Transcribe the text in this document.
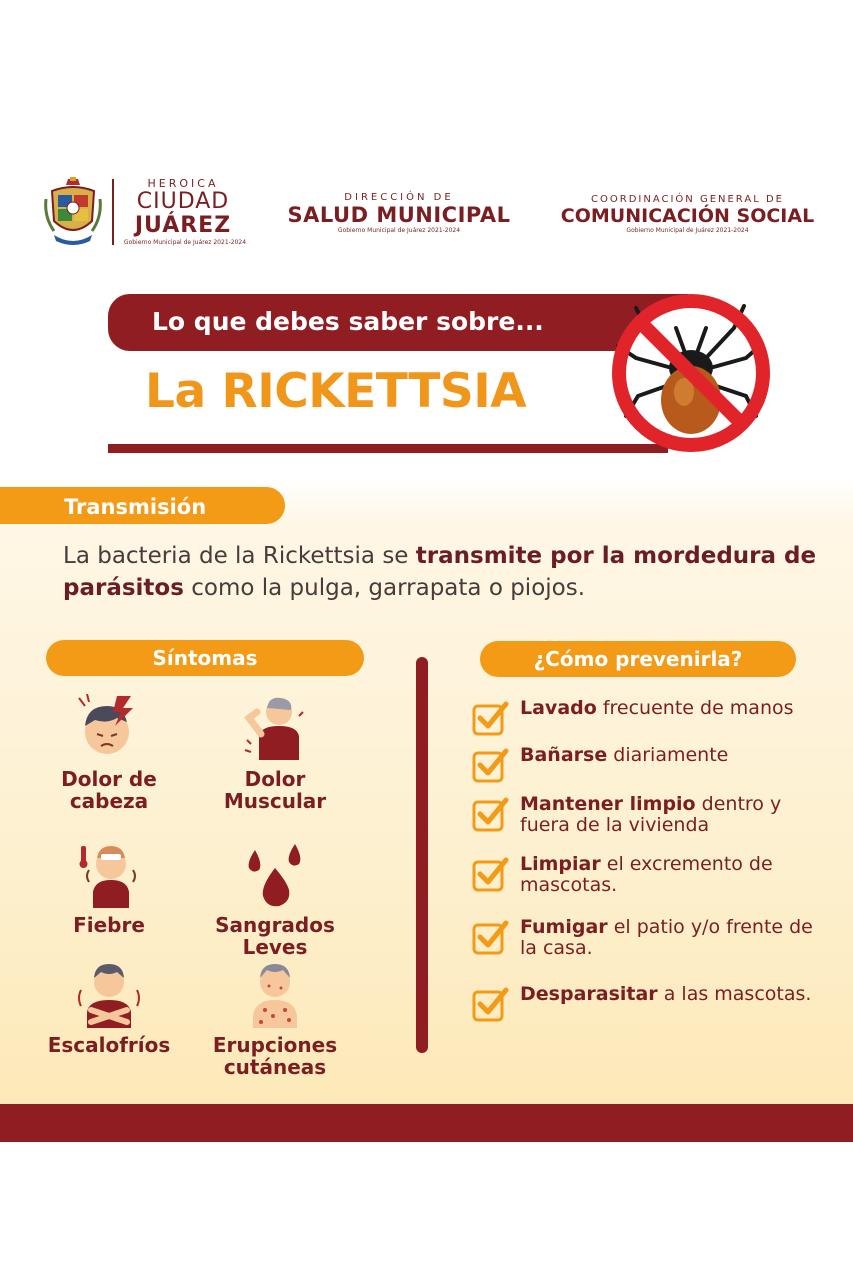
HEROICA
CIUDAD
JUÁREZ
Gobierno Municipal de Juárez 2021-2024
DIRECCIÓN DE
SALUD MUNICIPAL
Gobierno Municipal de Juárez 2021-2024
COORDINACIÓN GENERAL DE
COMUNICACIÓN SOCIAL
Gobierno Municipal de Juárez 2021-2024
Lo que debes saber sobre...
La RICKETTSIA
Transmisión
La bacteria de la Rickettsia se transmite por la mordedura de parásitos como la pulga, garrapata o piojos.
Síntomas	¿Cómo prevenirla?
Dolor de
cabeza
Dolor
Muscular
Fiebre	Sangrados
Leves
Escalofríos	Erupciones
cutáneas
Lavado frecuente de manos
Bañarse diariamente
Mantener limpio dentro y fuera de la vivienda
Limpiar el excremento de mascotas.
Fumigar el patio y/o frente de la casa.
Desparasitar a las mascotas.
